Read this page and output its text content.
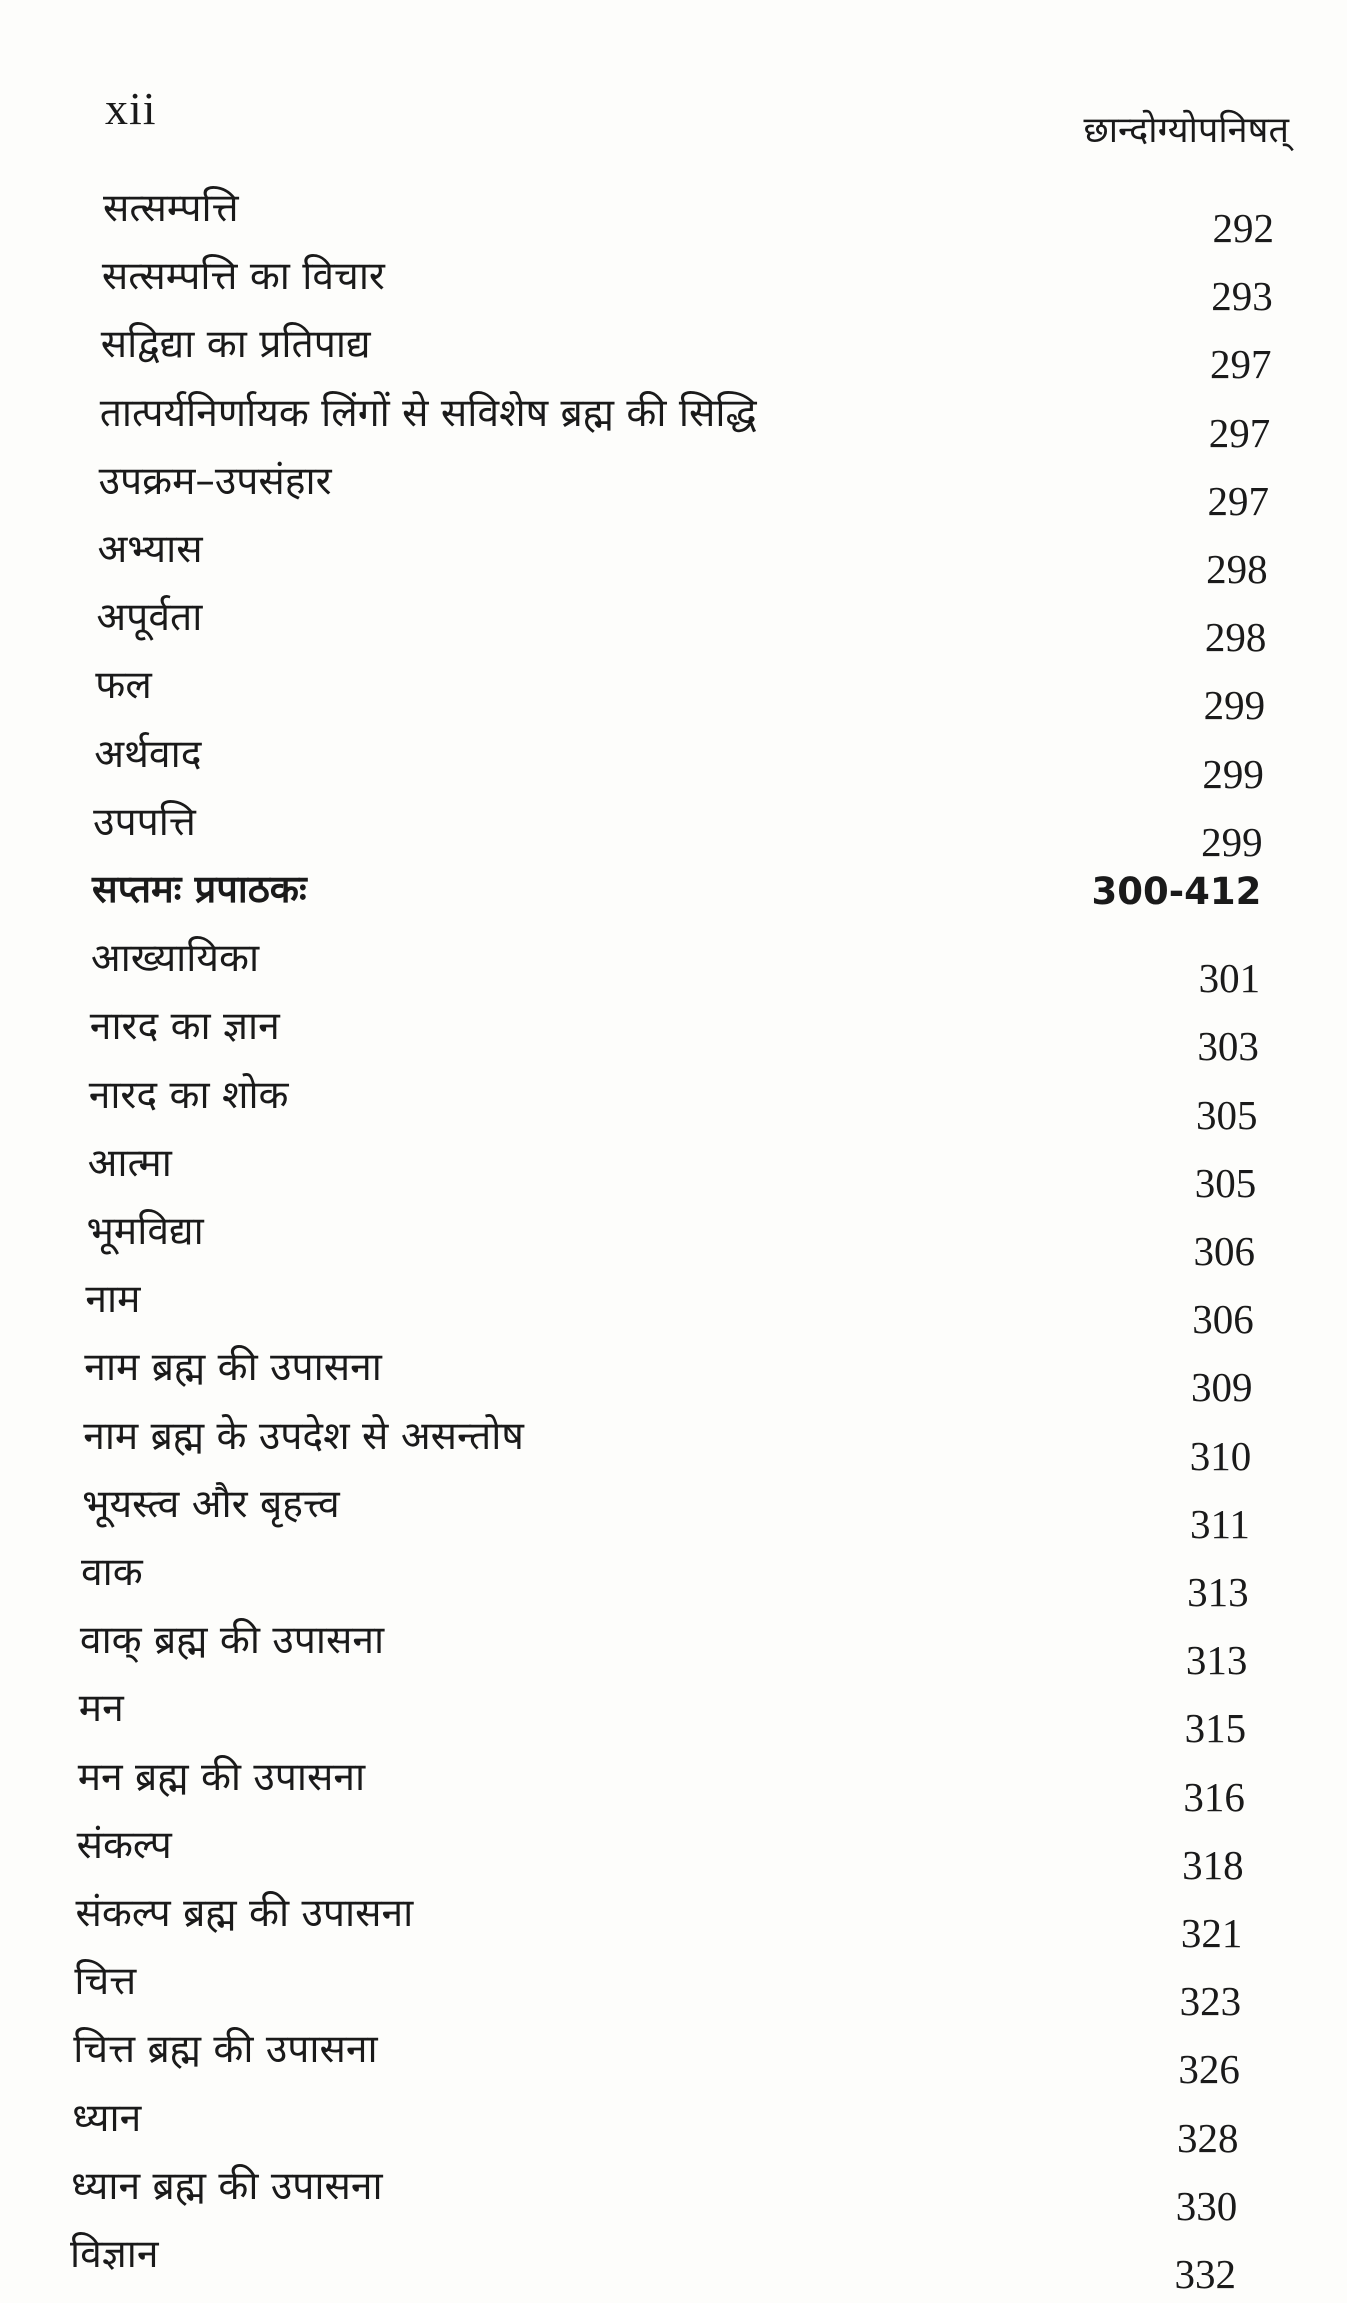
xii	छान्दोग्योपनिषत्
सत्सम्पत्ति	292
सत्सम्पत्ति का विचार	293
सद्विद्या का प्रतिपाद्य	297
तात्पर्यनिर्णायक लिंगों से सविशेष ब्रह्म की सिद्धि	297
उपक्रम–उपसंहार	297
अभ्यास	298
अपूर्वता	298
फल	299
अर्थवाद	299
उपपत्ति	299
सप्तमः प्रपाठकः	300-412
आख्यायिका	301
नारद का ज्ञान	303
नारद का शोक	305
आत्मा	305
भूमविद्या	306
नाम	306
नाम ब्रह्म की उपासना	309
नाम ब्रह्म के उपदेश से असन्तोष	310
भूयस्त्व और बृहत्त्व	311
वाक	313
वाक् ब्रह्म की उपासना	313
मन	315
मन ब्रह्म की उपासना	316
संकल्प	318
संकल्प ब्रह्म की उपासना	321
चित्त	323
चित्त ब्रह्म की उपासना	326
ध्यान	328
ध्यान ब्रह्म की उपासना	330
विज्ञान	332
